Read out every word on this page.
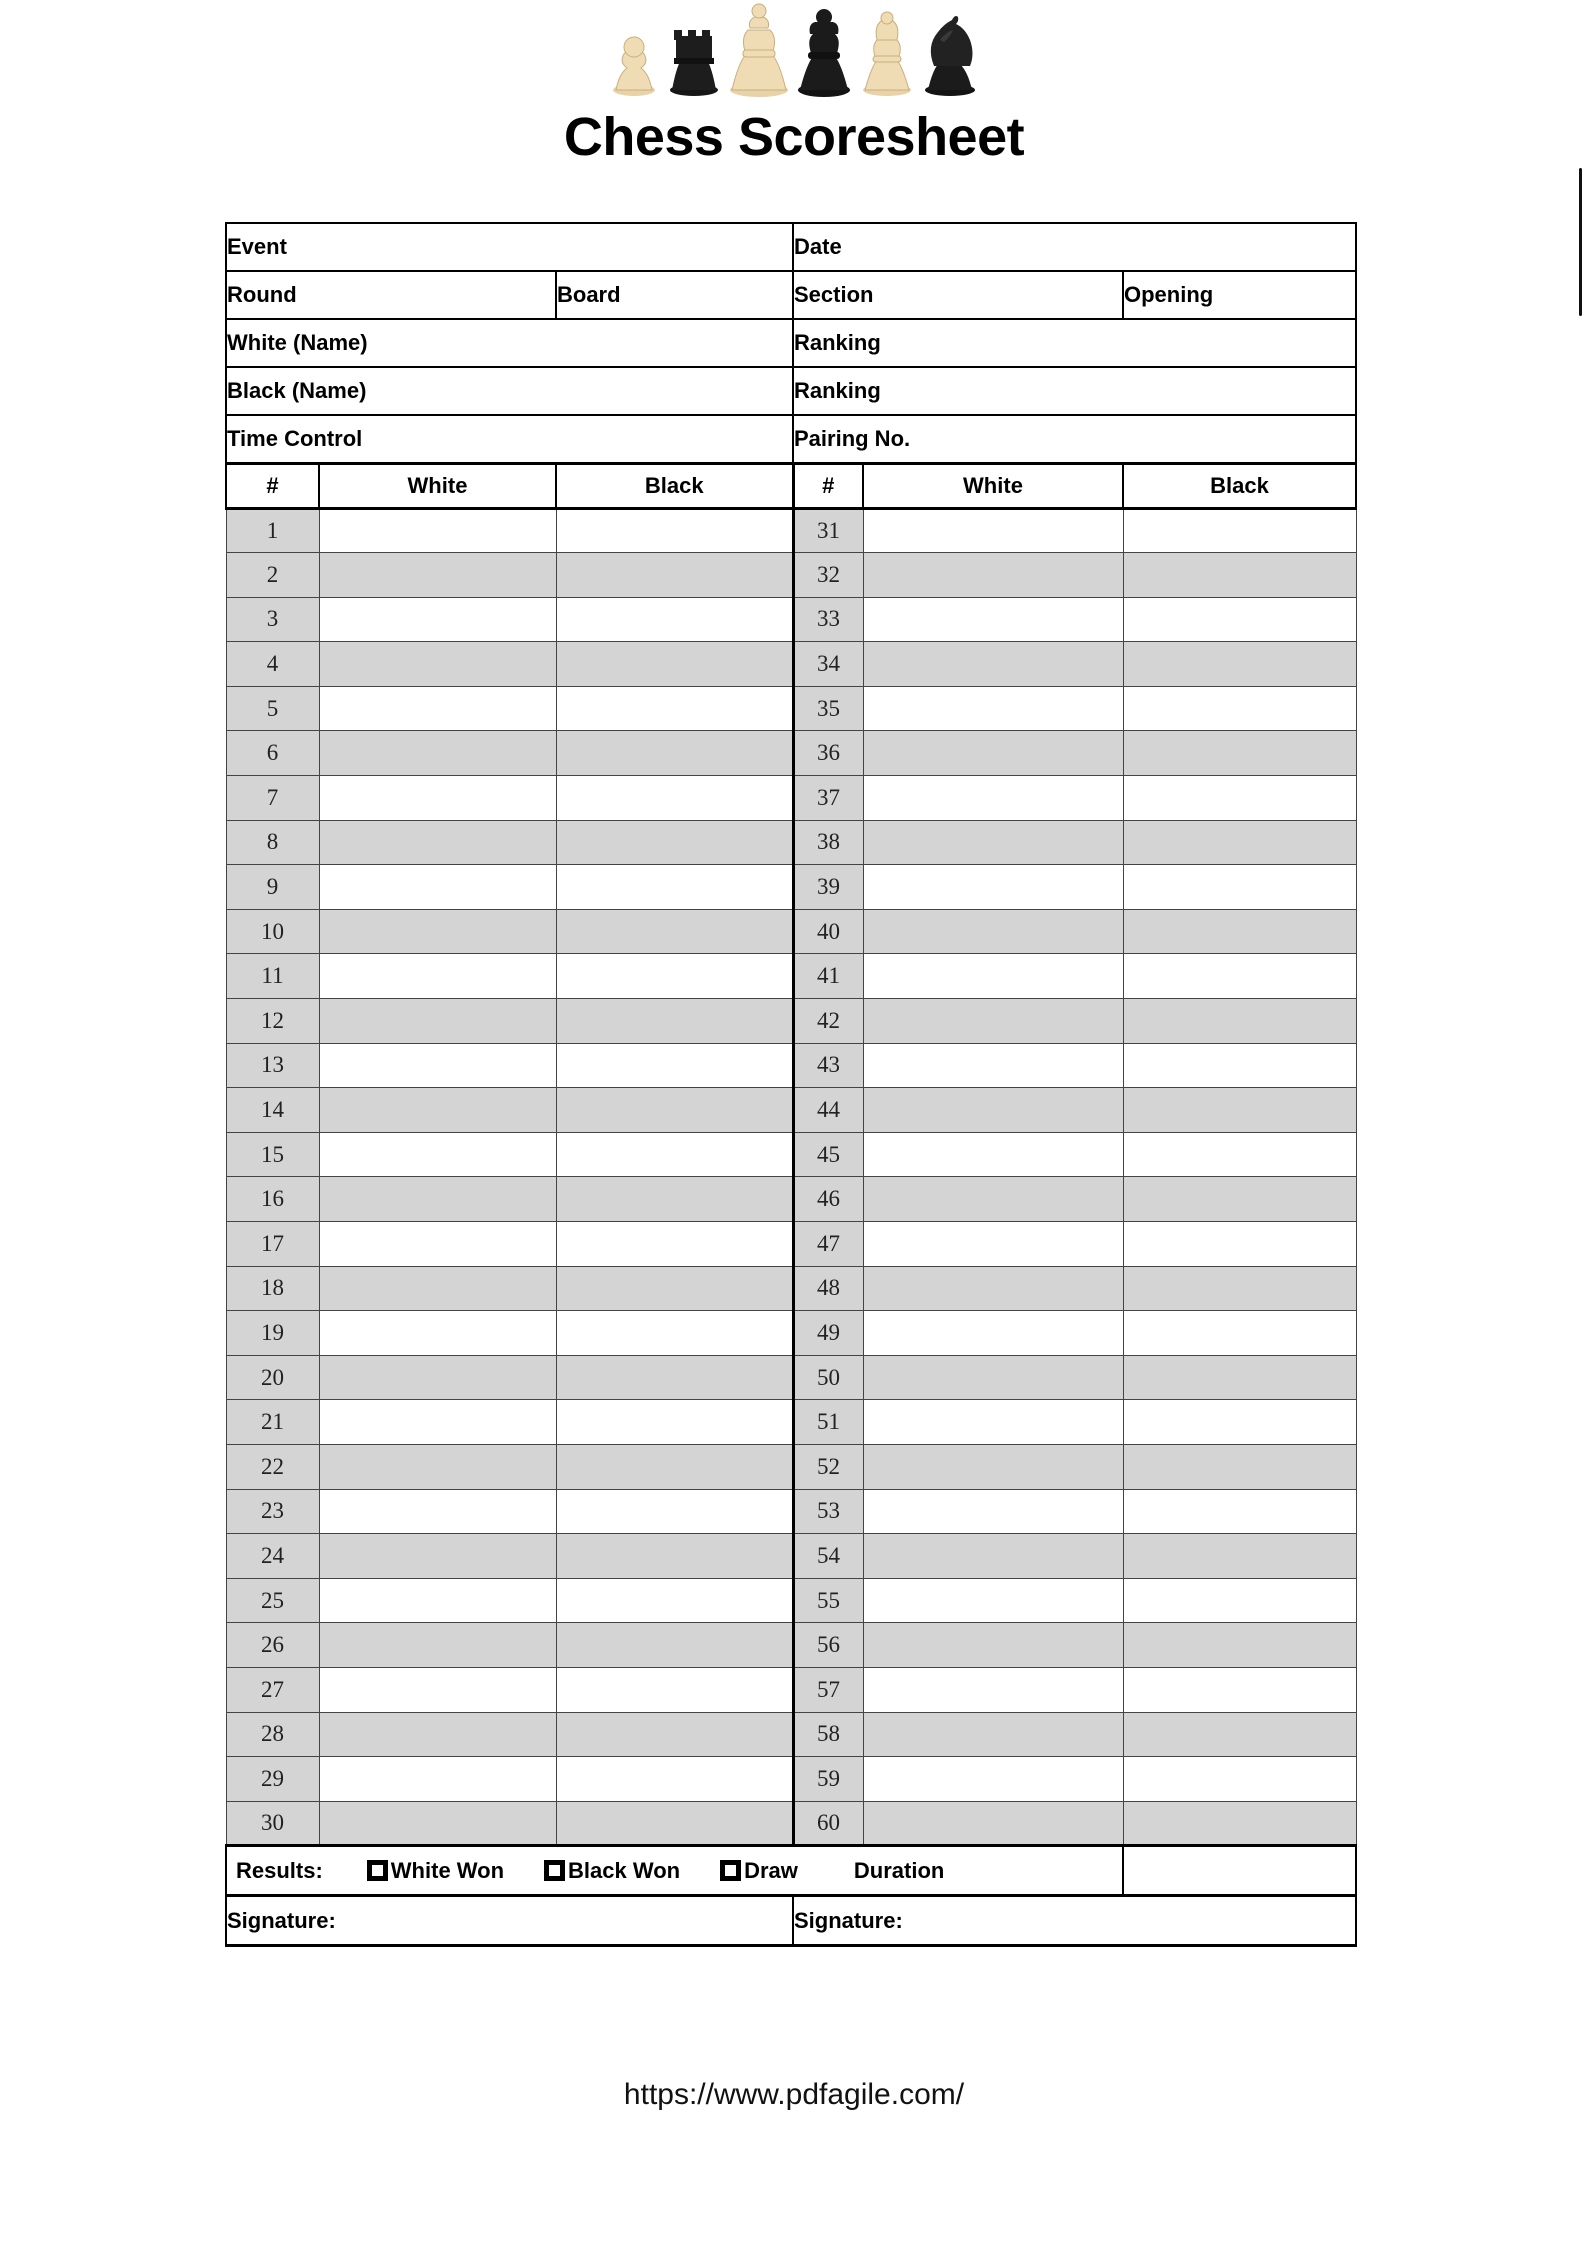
Chess Scoresheet
Event			Date		
Round		Board	Section		Opening
White (Name)			Ranking		
Black (Name)			Ranking		
Time Control			Pairing No.		
#	White	Black	#	White	Black
1			31		
2			32		
3			33		
4			34		
5			35		
6			36		
7			37		
8			38		
9			39		
10			40		
11			41		
12			42		
13			43		
14			44		
15			45		
16			46		
17			47		
18			48		
19			49		
20			50		
21			51		
22			52		
23			53		
24			54		
25			55		
26			56		
27			57		
28			58		
29			59		
30			60		

Results: White Won Black Won Draw Duration					

Signature:			Signature:		
https://www.pdfagile.com/
